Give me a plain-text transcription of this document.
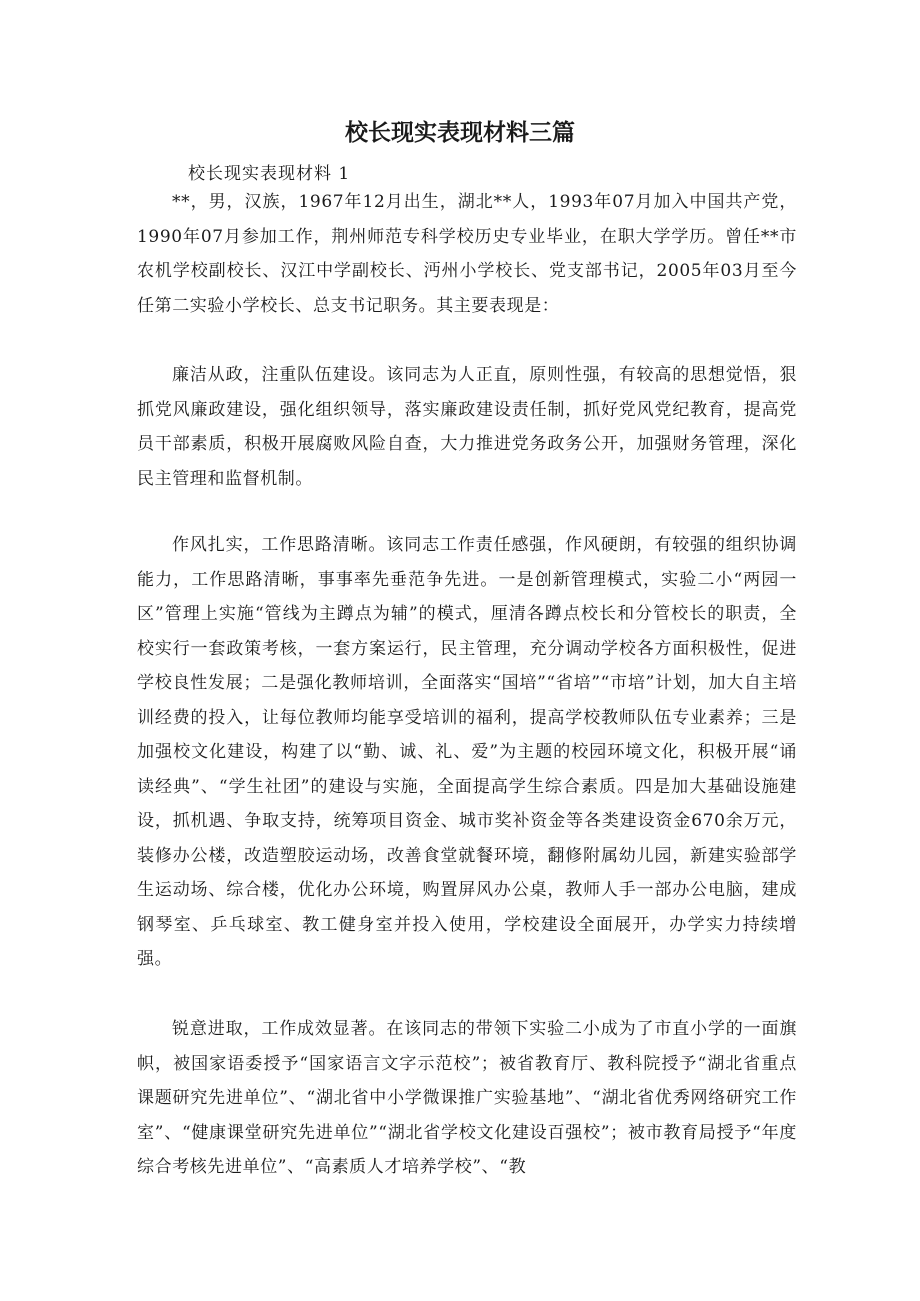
校长现实表现材料三篇

校长现实表现材料 1

**，男，汉族，1967年12月出生，湖北**人，1993年07月加入中国共产党，1990年07月参加工作，荆州师范专科学校历史专业毕业，在职大学学历。曾任**市农机学校副校长、汉江中学副校长、沔州小学校长、党支部书记，2005年03月至今任第二实验小学校长、总支书记职务。其主要表现是：

廉洁从政，注重队伍建设。该同志为人正直，原则性强，有较高的思想觉悟，狠抓党风廉政建设，强化组织领导，落实廉政建设责任制，抓好党风党纪教育，提高党员干部素质，积极开展腐败风险自查，大力推进党务政务公开，加强财务管理，深化民主管理和监督机制。

作风扎实，工作思路清晰。该同志工作责任感强，作风硬朗，有较强的组织协调能力，工作思路清晰，事事率先垂范争先进。一是创新管理模式，实验二小“两园一区”管理上实施“管线为主蹲点为辅”的模式，厘清各蹲点校长和分管校长的职责，全校实行一套政策考核，一套方案运行，民主管理，充分调动学校各方面积极性，促进学校良性发展；二是强化教师培训，全面落实“国培”“省培”“市培”计划，加大自主培训经费的投入，让每位教师均能享受培训的福利，提高学校教师队伍专业素养；三是加强校文化建设，构建了以“勤、诚、礼、爱”为主题的校园环境文化，积极开展“诵读经典”、“学生社团”的建设与实施，全面提高学生综合素质。四是加大基础设施建设，抓机遇、争取支持，统筹项目资金、城市奖补资金等各类建设资金670余万元，装修办公楼，改造塑胶运动场，改善食堂就餐环境，翻修附属幼儿园，新建实验部学生运动场、综合楼，优化办公环境，购置屏风办公桌，教师人手一部办公电脑，建成钢琴室、乒乓球室、教工健身室并投入使用，学校建设全面展开，办学实力持续增强。

锐意进取，工作成效显著。在该同志的带领下实验二小成为了市直小学的一面旗帜，被国家语委授予“国家语言文字示范校”；被省教育厅、教科院授予“湖北省重点课题研究先进单位”、“湖北省中小学微课推广实验基地”、“湖北省优秀网络研究工作室”、“健康课堂研究先进单位”“湖北省学校文化建设百强校”；被市教育局授予“年度综合考核先进单位”、“高素质人才培养学校”、“教
